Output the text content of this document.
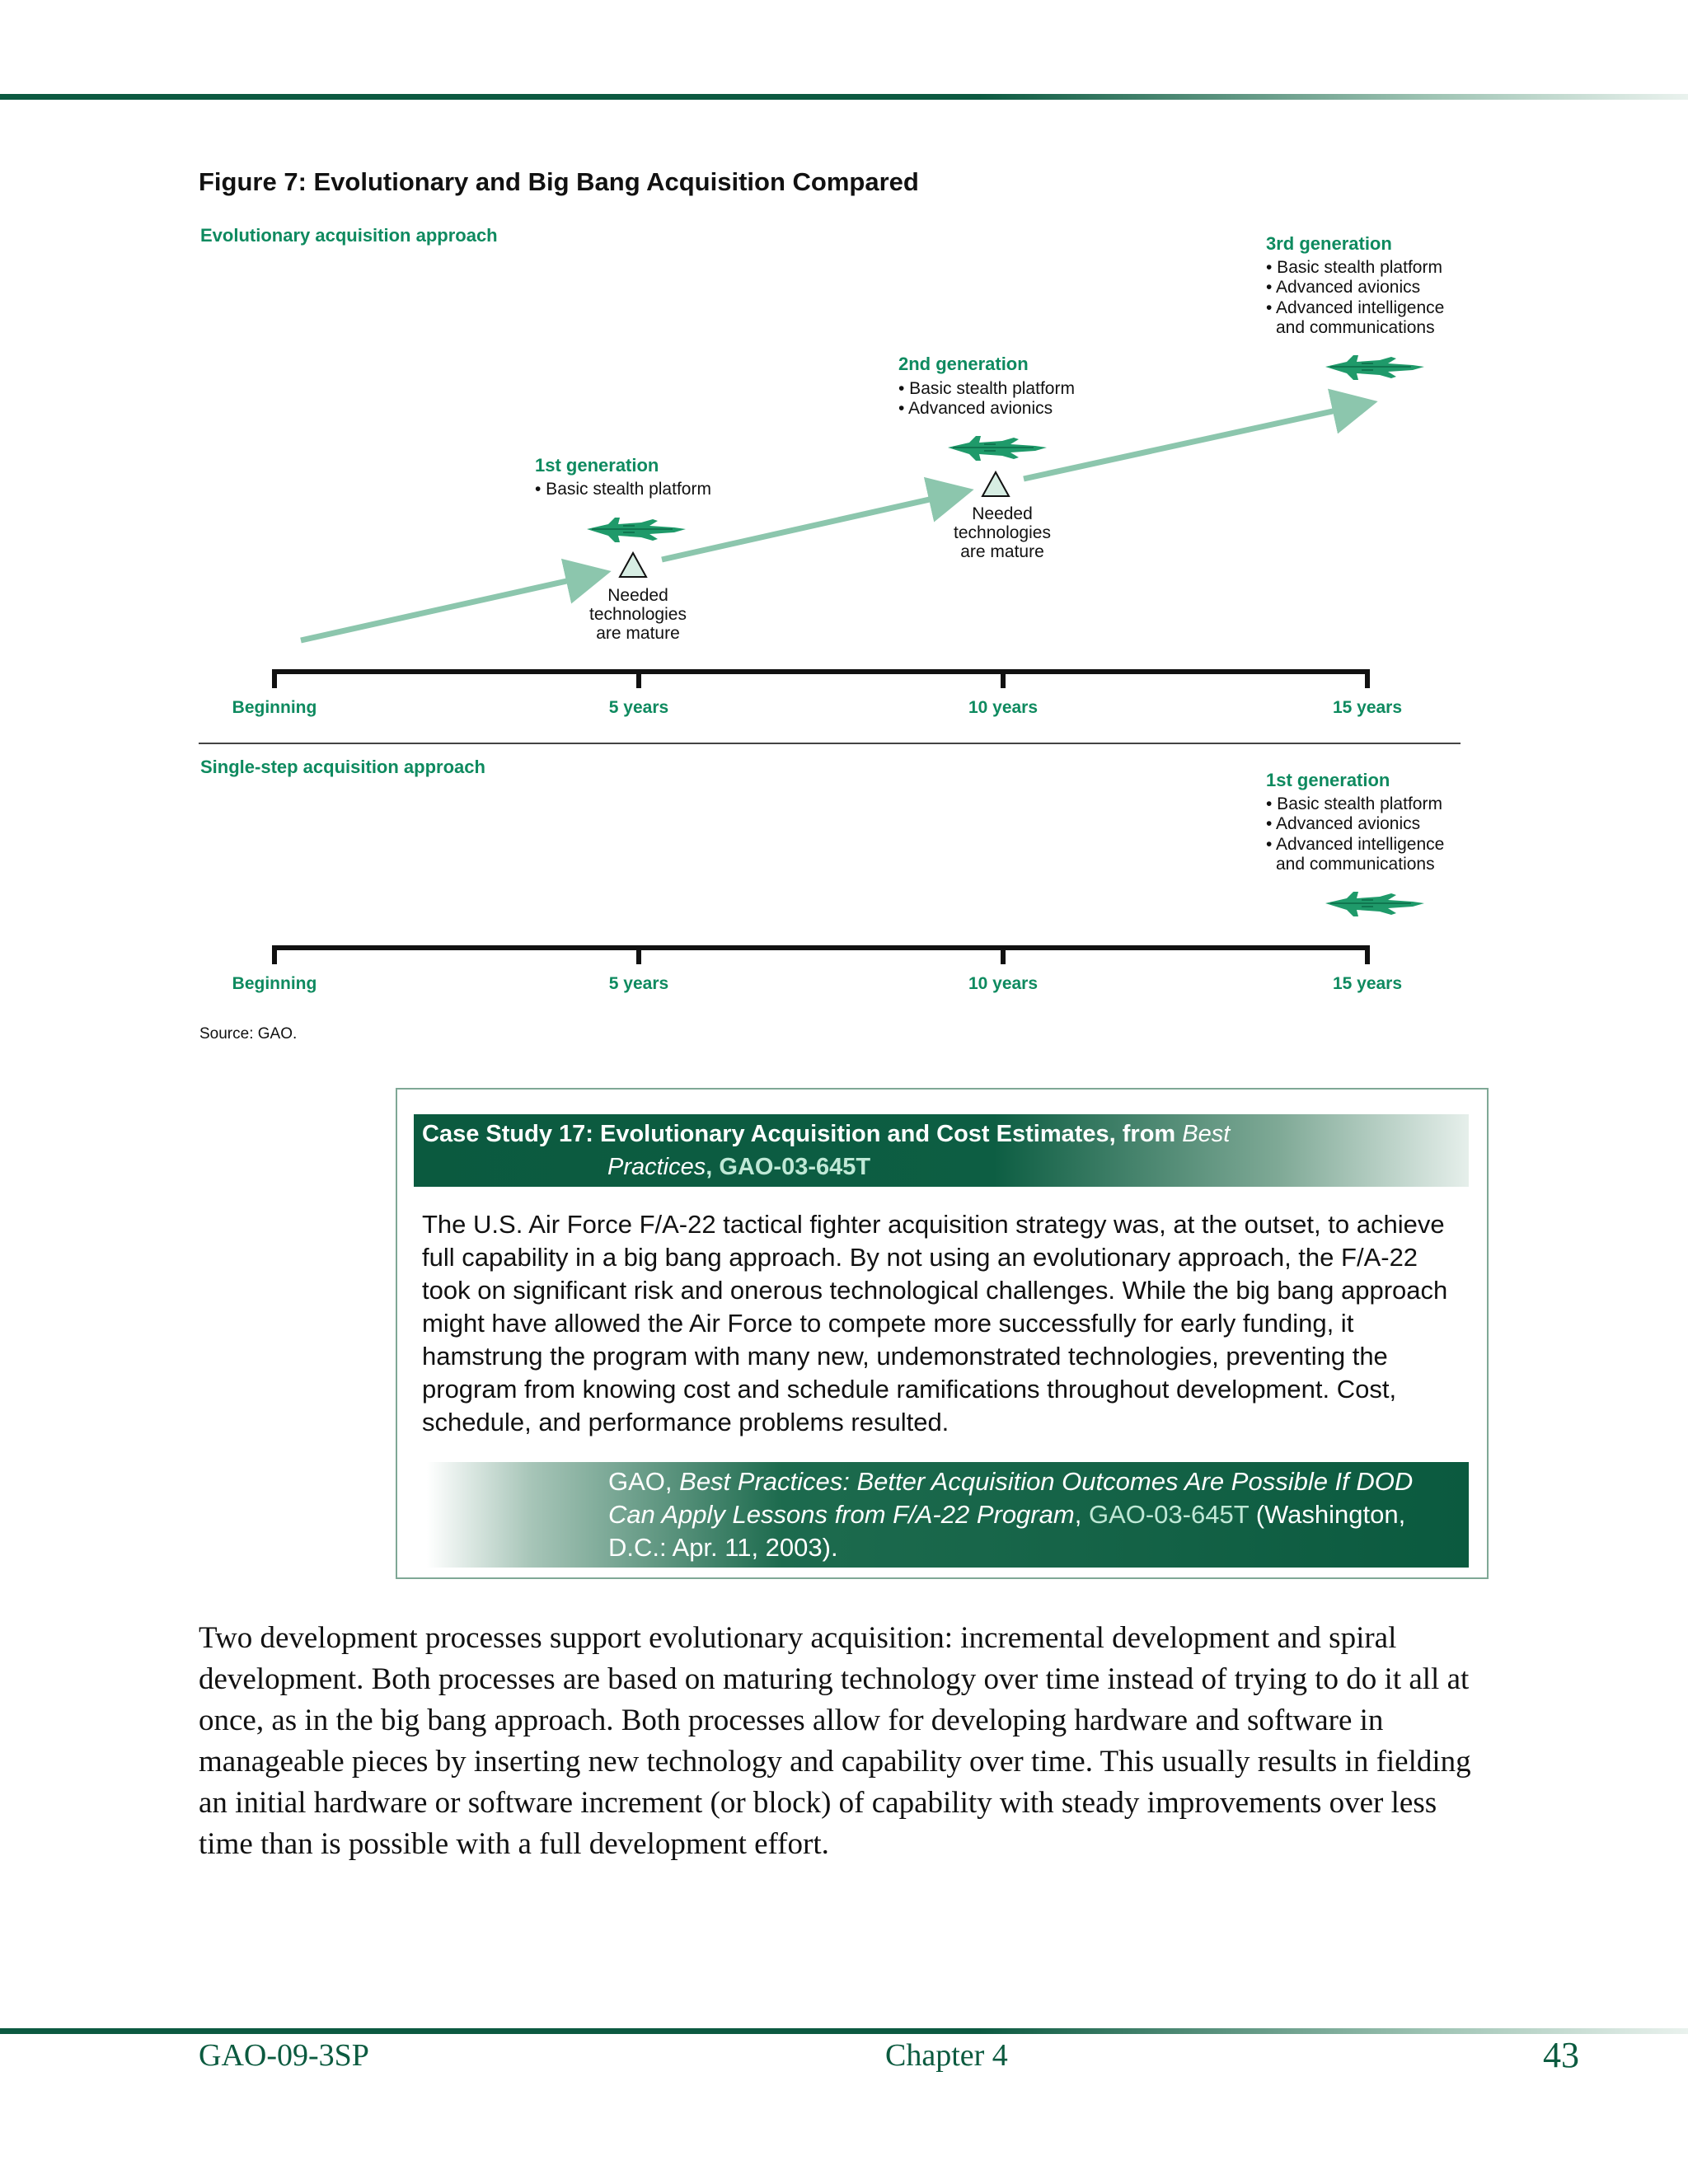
Figure 7: Evolutionary and Big Bang Acquisition Compared
Evolutionary acquisition approach	3rd generation
• Basic stealth platform
• Advanced avionics
• Advanced intelligence
and communications
2nd generation
• Basic stealth platform
• Advanced avionics
Needed
technologies
are mature
1st generation
• Basic stealth platform
Needed
technologies
are mature
Beginning	5 years	10 years	15 years
Single-step acquisition approach
1st generation
• Basic stealth platform
• Advanced avionics
• Advanced intelligence
and communications
Beginning	5 years	10 years	15 years
Source: GAO.
Case Study 17: Evolutionary Acquisition and Cost Estimates, from Best
Practices, GAO-03-645T

The U.S. Air Force F/A-22 tactical fighter acquisition strategy was, at the outset, to achieve full capability in a big bang approach. By not using an evolutionary approach, the F/A-22 took on significant risk and onerous technological challenges. While the big bang approach might have allowed the Air Force to compete more successfully for early funding, it hamstrung the program with many new, undemonstrated technologies, preventing the program from knowing cost and schedule ramifications throughout development. Cost, schedule, and performance problems resulted.

GAO, Best Practices: Better Acquisition Outcomes Are Possible If DOD Can Apply Lessons from F/A-22 Program, GAO-03-645T (Washington, D.C.: Apr. 11, 2003).

Two development processes support evolutionary acquisition: incremental development and spiral development. Both processes are based on maturing technology over time instead of trying to do it all at once, as in the big bang approach. Both processes allow for developing hardware and software in manageable pieces by inserting new technology and capability over time. This usually results in fielding an initial hardware or software increment (or block) of capability with steady improvements over less time than is possible with a full development effort.

GAO-09-3SP	Chapter 4	43
